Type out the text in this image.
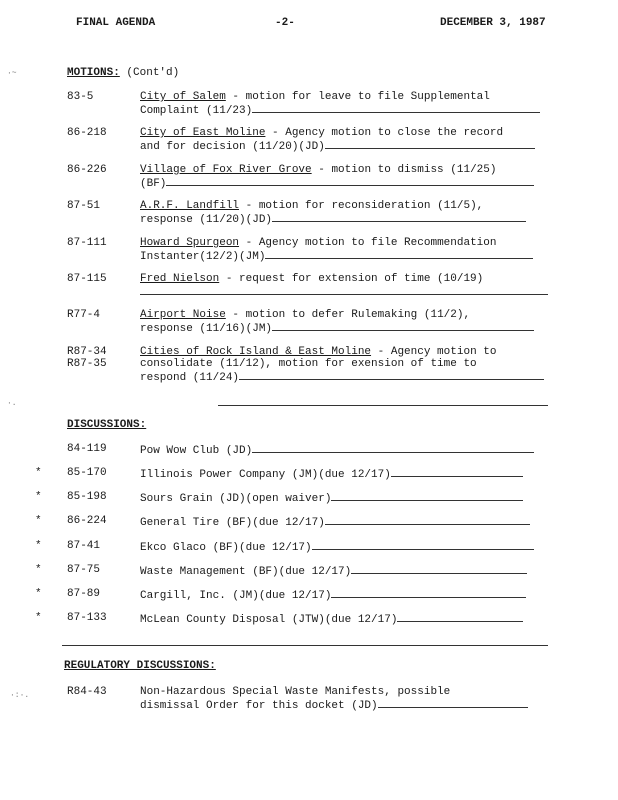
FINAL AGENDA	-2-	DECEMBER 3, 1987
·~
·.
·:·.
MOTIONS: (Cont'd)
83-5	City of Salem - motion for leave to file Supplemental
Complaint (11/23)
86-218	City of East Moline - Agency motion to close the record
and for decision (11/20)(JD)
86-226	Village of Fox River Grove - motion to dismiss (11/25)
(BF)
87-51	A.R.F. Landfill - motion for reconsideration (11/5),
response (11/20)(JD)
87-111	Howard Spurgeon - Agency motion to file Recommendation
Instanter(12/2)(JM)
87-115	Fred Nielson - request for extension of time (10/19)
R77-4	Airport Noise - motion to defer Rulemaking (11/2),
response (11/16)(JM)
R87-34
R87-35
Cities of Rock Island & East Moline - Agency motion to
consolidate (11/12), motion for exension of time to
respond (11/24)
DISCUSSIONS:
84-119	Pow Wow Club (JD)
* 85-170	Illinois Power Company (JM)(due 12/17)
* 85-198	Sours Grain (JD)(open waiver)
* 86-224	General Tire (BF)(due 12/17)
* 87-41	Ekco Glaco (BF)(due 12/17)
* 87-75	Waste Management (BF)(due 12/17)
* 87-89	Cargill, Inc. (JM)(due 12/17)
* 87-133	McLean County Disposal (JTW)(due 12/17)
REGULATORY DISCUSSIONS:
R84-43	Non-Hazardous Special Waste Manifests, possible
dismissal Order for this docket (JD)
